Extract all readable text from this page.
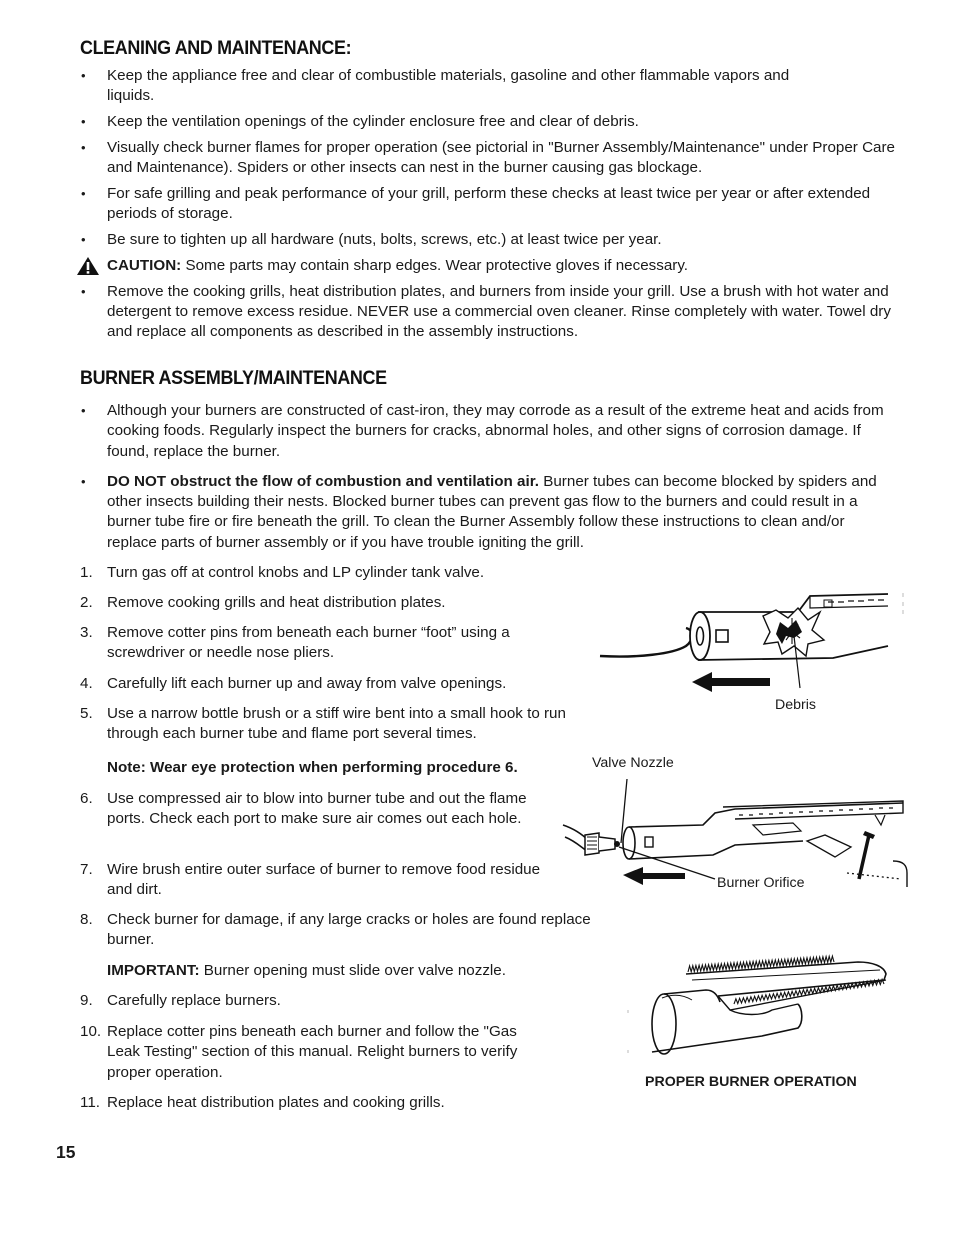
CLEANING AND MAINTENANCE:
• Keep the appliance free and clear of combustible materials, gasoline and other flammable vapors and liquids.
• Keep the ventilation openings of the cylinder enclosure free and clear of debris.
• Visually check burner flames for proper operation (see pictorial in "Burner Assembly/Maintenance" under Proper Care and Maintenance). Spiders or other insects can nest in the burner causing gas blockage.
• For safe grilling and peak performance of your grill, perform these checks at least twice per year or after extended periods of storage.
• Be sure to tighten up all hardware (nuts, bolts, screws, etc.) at least twice per year.
CAUTION: Some parts may contain sharp edges. Wear protective gloves if necessary.
• Remove the cooking grills, heat distribution plates, and burners from inside your grill. Use a brush with hot water and detergent to remove excess residue. NEVER use a commercial oven cleaner. Rinse completely with water. Towel dry and replace all components as described in the assembly instructions.
BURNER ASSEMBLY/MAINTENANCE
• Although your burners are constructed of cast-iron, they may corrode as a result of the extreme heat and acids from cooking foods. Regularly inspect the burners for cracks, abnormal holes, and other signs of corrosion damage. If found, replace the burner.
• DO NOT obstruct the flow of combustion and ventilation air. Burner tubes can become blocked by spiders and other insects building their nests. Blocked burner tubes can prevent gas flow to the burners and could result in a burner tube fire or fire beneath the grill. To clean the Burner Assembly follow these instructions to clean and/or replace parts of burner assembly or if you have trouble igniting the grill.
1. Turn gas off at control knobs and LP cylinder tank valve.
2. Remove cooking grills and heat distribution plates.
3. Remove cotter pins from beneath each burner “foot” using a screwdriver or needle nose pliers.
4. Carefully lift each burner up and away from valve openings.
5. Use a narrow bottle brush or a stiff wire bent into a small hook to run through each burner tube and flame port several times.
6. Use compressed air to blow into burner tube and out the flame ports. Check each port to make sure air comes out each hole.
7. Wire brush entire outer surface of burner to remove food residue and dirt.
8. Check burner for damage, if any large cracks or holes are found replace burner.
9. Carefully replace burners.
10. Replace cotter pins beneath each burner and follow the "Gas Leak Testing" section of this manual. Relight burners to verify proper operation.
11. Replace heat distribution plates and cooking grills.

Note: Wear eye protection when performing procedure 6.

IMPORTANT: Burner opening must slide over valve nozzle.

Debris
Valve Nozzle
Burner Orifice
PROPER BURNER OPERATION
15
